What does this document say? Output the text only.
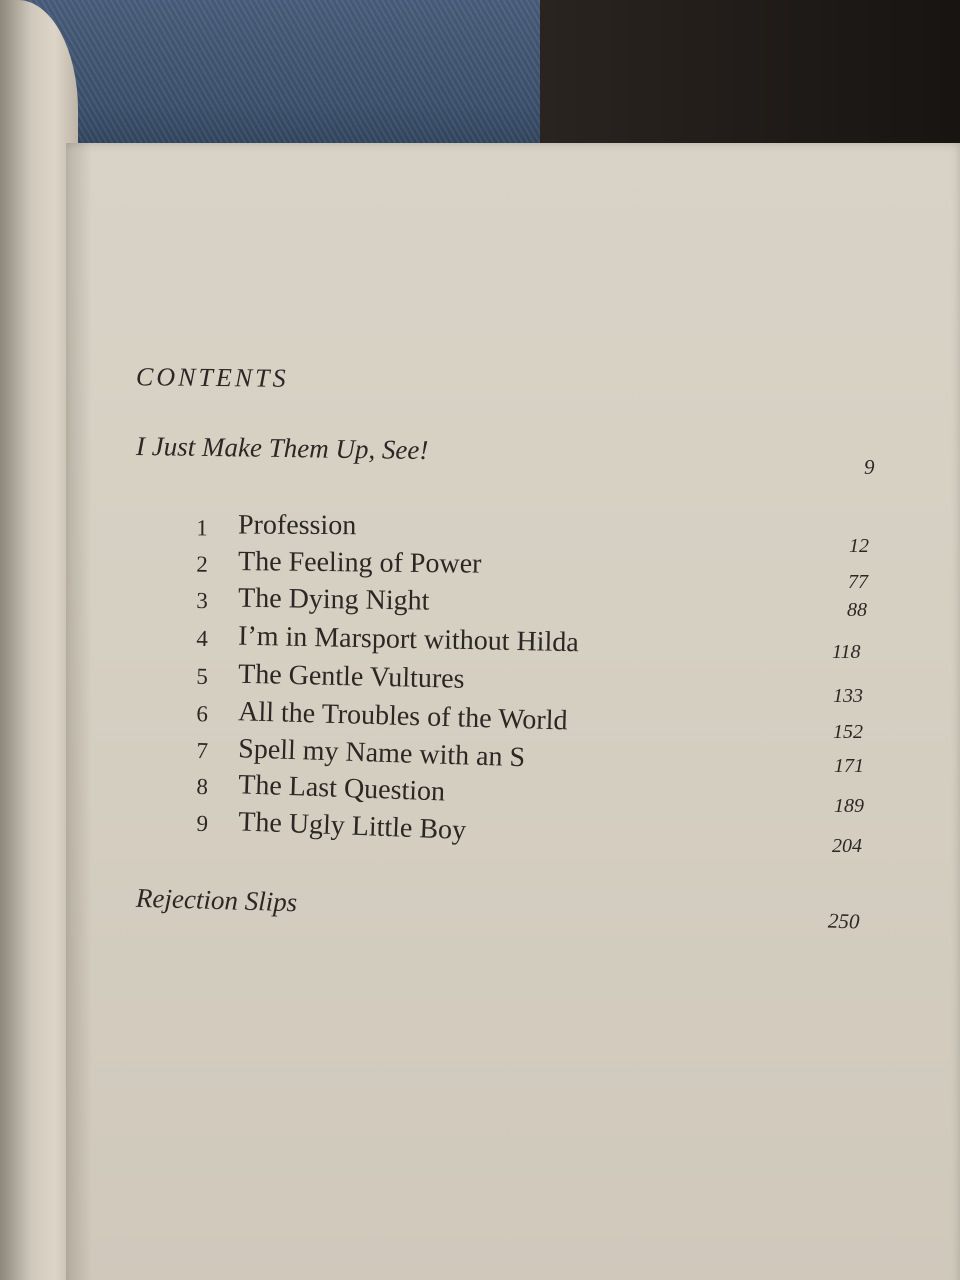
CONTENTS
I Just Make Them Up, See!
9
1 Profession
2 The Feeling of Power
3 The Dying Night
4 I’m in Marsport without Hilda
5 The Gentle Vultures
6 All the Troubles of the World
7 Spell my Name with an S
8 The Last Question
9 The Ugly Little Boy
12
77
88
118
133
152
171
189
204
Rejection Slips
250
